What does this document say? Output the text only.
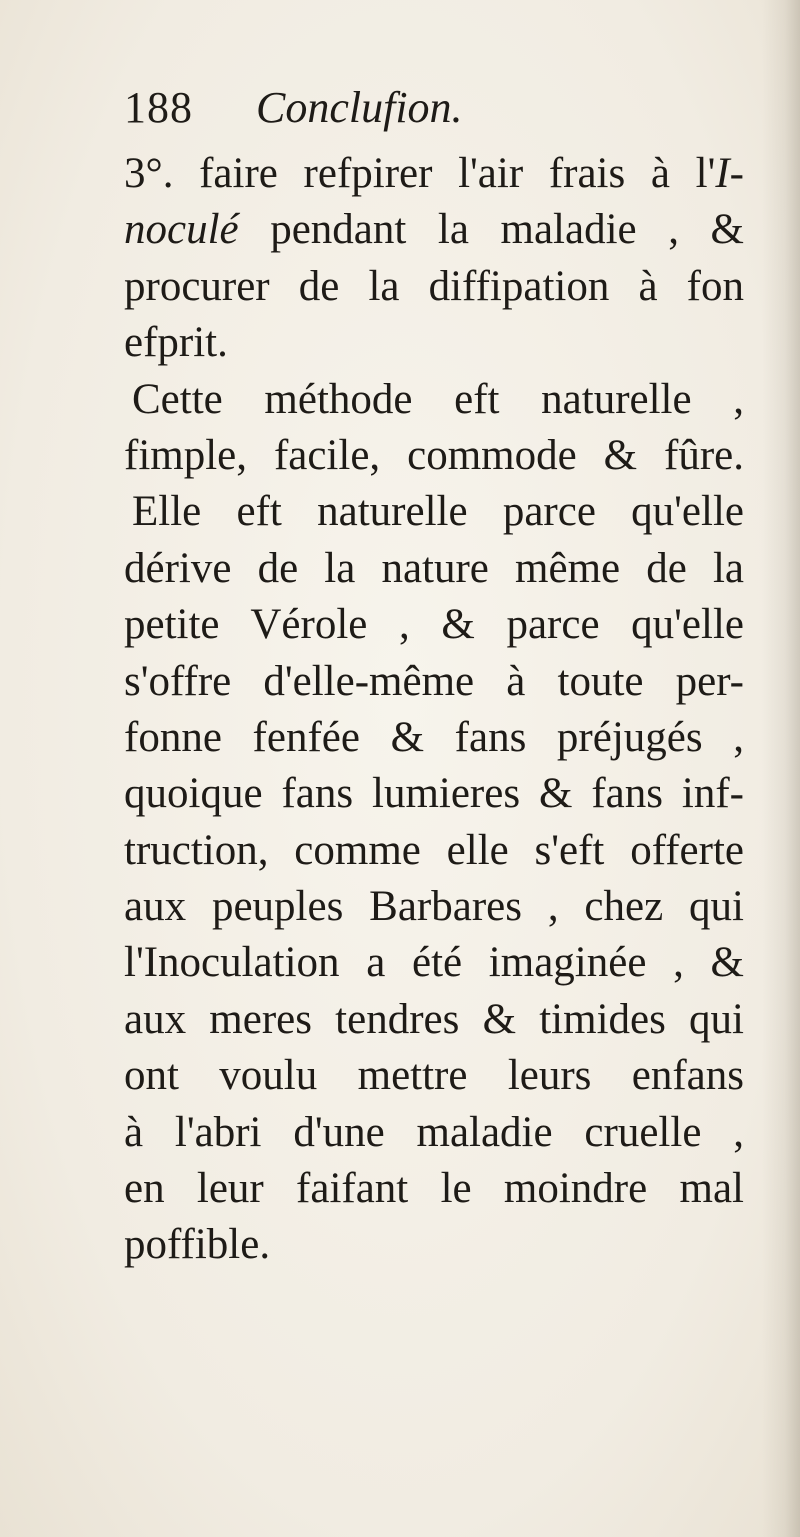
188 Conclufion.
3°. faire refpirer l'air frais à l'I-
noculé pendant la maladie , &
procurer de la diffipation à fon
efprit.
Cette méthode eft naturelle ,
fimple, facile, commode & fûre.
Elle eft naturelle parce qu'elle
dérive de la nature même de la
petite Vérole , & parce qu'elle
s'offre d'elle-même à toute per-
fonne fenfée & fans préjugés ,
quoique fans lumieres & fans inf-
truction, comme elle s'eft offerte
aux peuples Barbares , chez qui
l'Inoculation a été imaginée , &
aux meres tendres & timides qui
ont voulu mettre leurs enfans
à l'abri d'une maladie cruelle ,
en leur faifant le moindre mal
poffible.
